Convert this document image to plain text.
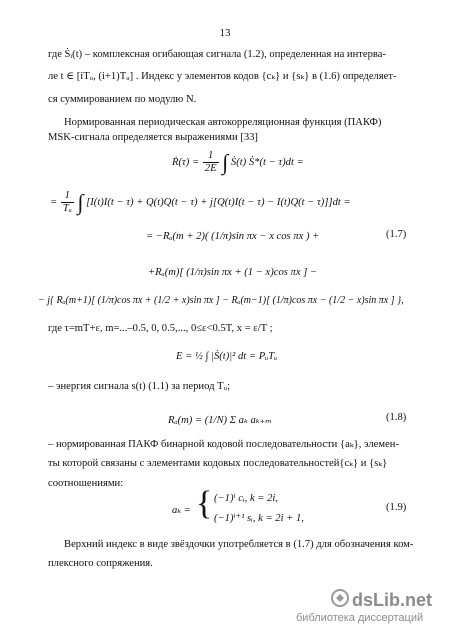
13
где Ṡᵢ(t) – комплексная огибающая сигнала (1.2), определенная на интерва-
ле t ∈ [iTᵤ, (i+1)Tᵤ] . Индекс у элементов кодов {cₖ} и {sₖ} в (1.6) определяет-
ся суммированием по модулю N.
Нормированная периодическая автокорреляционная функция (ПАКФ)
MSK-сигнала определяется выражениями [33]
Ṙ(τ) = $\frac{1}{2E}$ ∫ Ṡ(t) Ṡ*(t − τ)dt =
= $\frac{1}{\text{Tᵤ}}$ ∫ [I(t)I(t − τ) + Q(t)Q(t − τ) + j[Q(t)I(t − τ) − I(t)Q(t − τ)]]dt =
= −Rₐ(m + 2)( (1/π)sin πx − x cos πx ) +	(1.7)
+Rₐ(m)[ (1/π)sin πx + (1 − x)cos πx ] −
− j{ Rₐ(m+1)[ (1/π)cos πx + (1/2 + x)sin πx ] − Rₐ(m−1)[ (1/π)cos πx − (1/2 − x)sin πx ] },
где τ=mT+ε, m=...–0.5, 0, 0.5,..., 0≤ε<0.5T, x = ε/T ;
E = ½ ∫ |Ṡ(t)|² dt = PᵤTᵤ
– энергия сигнала s(t) (1.1) за период Tᵤ;
Rₐ(m) = (1/N) Σ aₖ aₖ₊ₘ	(1.8)
– нормированная ПАКФ бинарной кодовой последовательности {aₖ}, элемен-
ты которой связаны с элементами кодовых последовательностей{cₖ} и {sₖ}
соотношениями:
aₖ = { (−1)ⁱ cᵢ, k = 2i,
(−1)ⁱ⁺¹ sᵢ, k = 2i + 1,
(1.9)
Верхний индекс в виде звёздочки употребляется в (1.7) для обозначения ком-
плексного сопряжения.
dsLib.net
библиотека диссертаций
